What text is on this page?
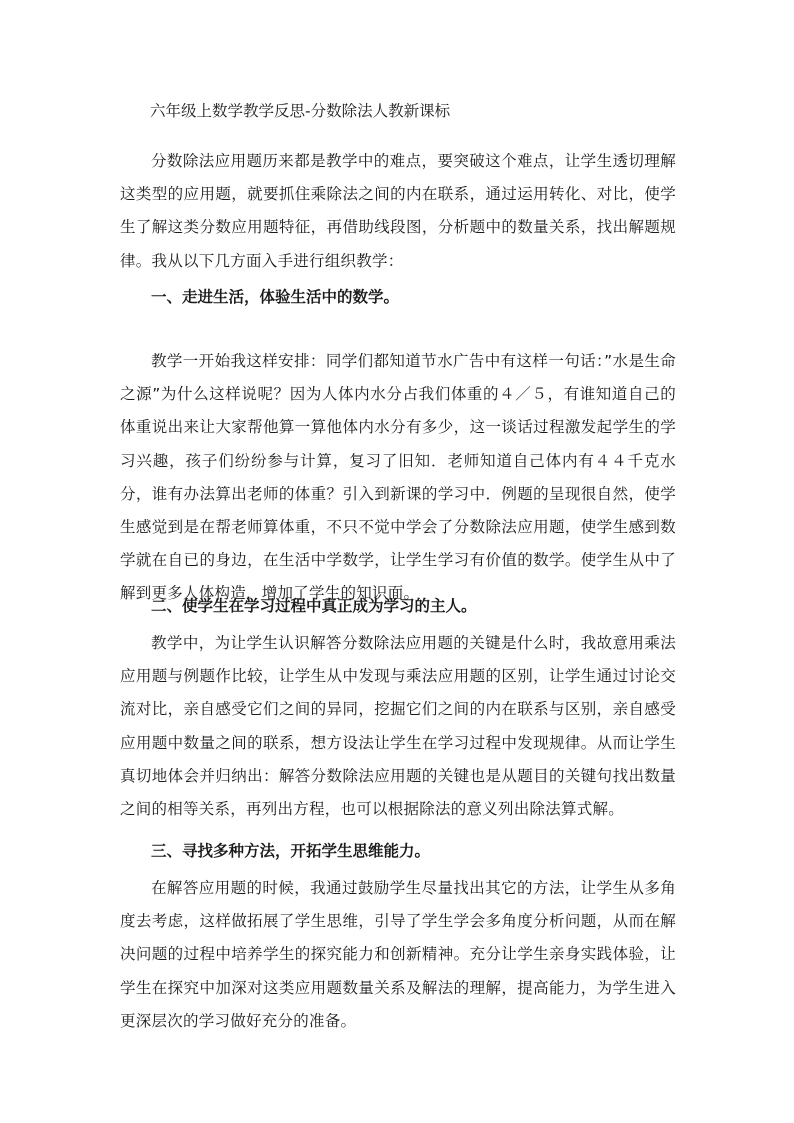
六年级上数学教学反思-分数除法人教新课标

分数除法应用题历来都是教学中的难点，要突破这个难点，让学生透切理解这类型的应用题，就要抓住乘除法之间的内在联系，通过运用转化、对比，使学生了解这类分数应用题特征，再借助线段图，分析题中的数量关系，找出解题规律。我从以下几方面入手进行组织教学：

一、走进生活，体验生活中的数学。

教学一开始我这样安排：同学们都知道节水广告中有这样一句话：”水是生命之源”为什么这样说呢？因为人体内水分占我们体重的４／５，有谁知道自己的体重说出来让大家帮他算一算他体内水分有多少，这一谈话过程激发起学生的学习兴趣，孩子们纷纷参与计算，复习了旧知．老师知道自己体内有４４千克水分，谁有办法算出老师的体重？引入到新课的学习中．例题的呈现很自然，使学生感觉到是在帮老师算体重，不只不觉中学会了分数除法应用题，使学生感到数学就在自已的身边，在生活中学数学，让学生学习有价值的数学。使学生从中了解到更多人体构造，增加了学生的知识面。

二、使学生在学习过程中真正成为学习的主人。

教学中，为让学生认识解答分数除法应用题的关键是什么时，我故意用乘法应用题与例题作比较，让学生从中发现与乘法应用题的区别，让学生通过讨论交流对比，亲自感受它们之间的异同，挖掘它们之间的内在联系与区别，亲自感受应用题中数量之间的联系，想方设法让学生在学习过程中发现规律。从而让学生真切地体会并归纳出：解答分数除法应用题的关键也是从题目的关键句找出数量之间的相等关系，再列出方程，也可以根据除法的意义列出除法算式解。

三、寻找多种方法，开拓学生思维能力。

在解答应用题的时候，我通过鼓励学生尽量找出其它的方法，让学生从多角度去考虑，这样做拓展了学生思维，引导了学生学会多角度分析问题，从而在解决问题的过程中培养学生的探究能力和创新精神。充分让学生亲身实践体验，让学生在探究中加深对这类应用题数量关系及解法的理解，提高能力，为学生进入更深层次的学习做好充分的准备。
